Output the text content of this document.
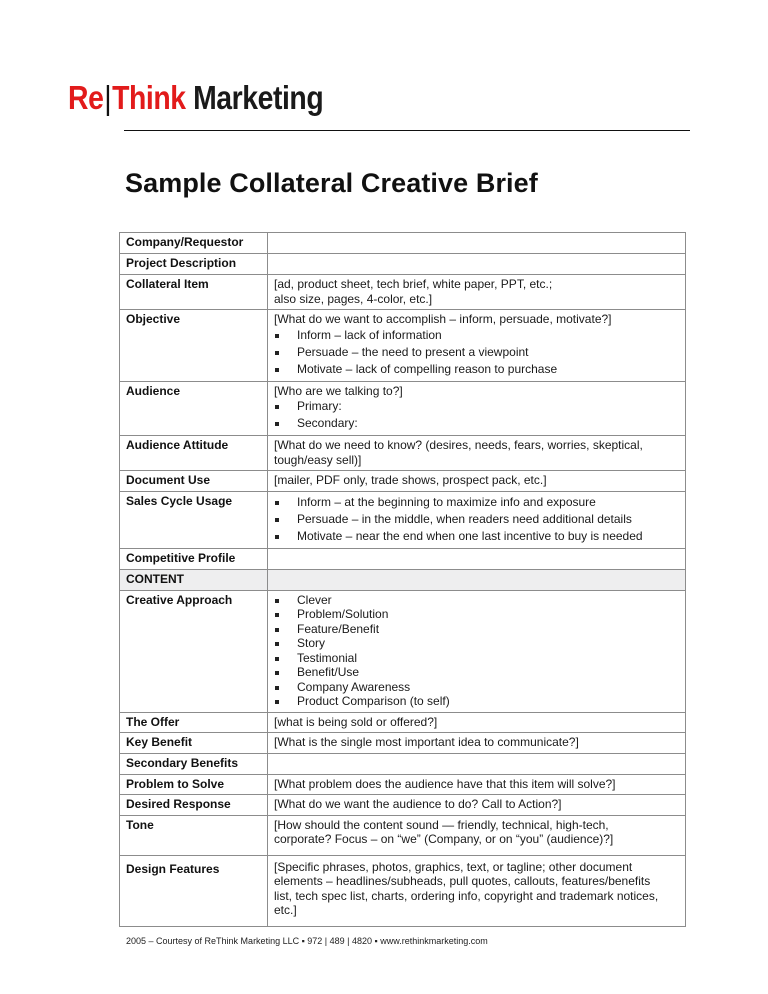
Re|Think Marketing
Sample Collateral Creative Brief
Company/Requestor	

Project Description	

Collateral Item	[ad, product sheet, tech brief, white paper, PPT, etc.;
also size, pages, 4-color, etc.]

Objective	[What do we want to accomplish – inform, persuade, motivate?]
Inform – lack of information
Persuade – the need to present a viewpoint
Motivate – lack of compelling reason to purchase

Audience	[Who are we talking to?]
Primary:
Secondary:

Audience Attitude	[What do we need to know? (desires, needs, fears, worries, skeptical,
tough/easy sell)]

Document Use	[mailer, PDF only, trade shows, prospect pack, etc.]

Sales Cycle Usage	Inform – at the beginning to maximize info and exposure
Persuade – in the middle, when readers need additional details
Motivate – near the end when one last incentive to buy is needed

Competitive Profile	

CONTENT	

Creative Approach	Clever
Problem/Solution
Feature/Benefit
Story
Testimonial
Benefit/Use
Company Awareness
Product Comparison (to self)

The Offer	[what is being sold or offered?]

Key Benefit	[What is the single most important idea to communicate?]

Secondary Benefits	

Problem to Solve	[What problem does the audience have that this item will solve?]

Desired Response	[What do we want the audience to do? Call to Action?]

Tone	[How should the content sound — friendly, technical, high-tech,
corporate? Focus – on “we” (Company, or on “you” (audience)?]

Design Features	[Specific phrases, photos, graphics, text, or tagline; other document
elements – headlines/subheads, pull quotes, callouts, features/benefits
list, tech spec list, charts, ordering info, copyright and trademark notices,
etc.]
2005 – Courtesy of ReThink Marketing LLC ▪ 972 | 489 | 4820 ▪ www.rethinkmarketing.com
